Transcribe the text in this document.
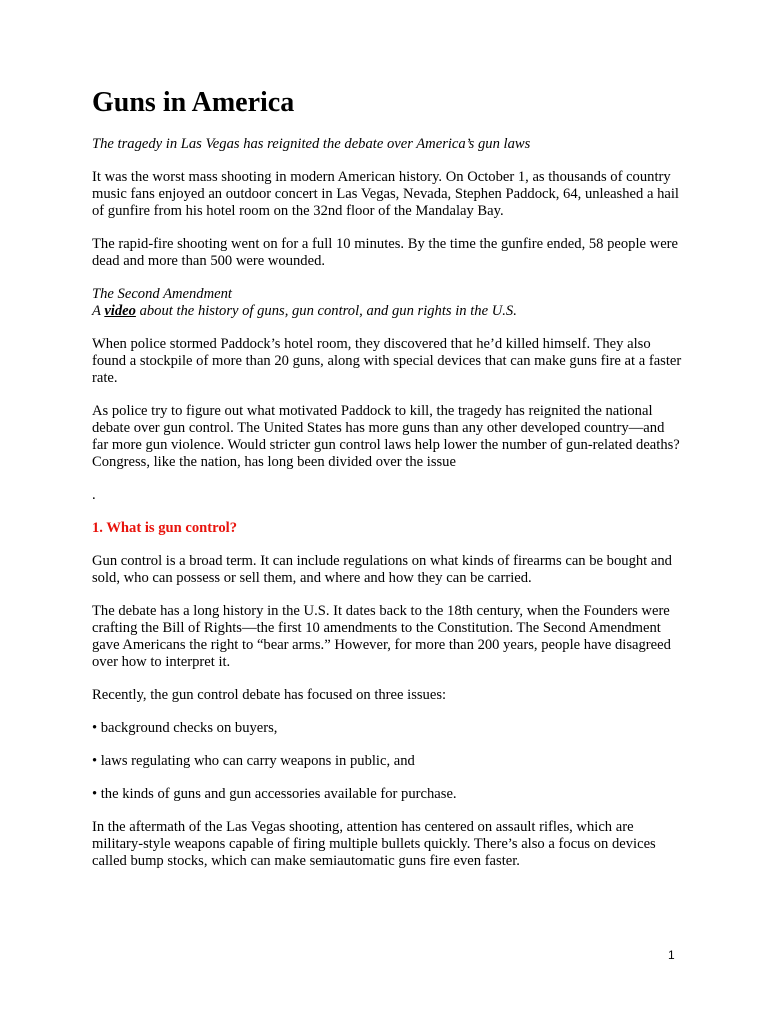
Guns in America

The tragedy in Las Vegas has reignited the debate over America’s gun laws

It was the worst mass shooting in modern American history. On October 1, as thousands of country music fans enjoyed an outdoor concert in Las Vegas, Nevada, Stephen Paddock, 64, unleashed a hail of gunfire from his hotel room on the 32nd floor of the Mandalay Bay.

The rapid-fire shooting went on for a full 10 minutes. By the time the gunfire ended, 58 people were dead and more than 500 were wounded.

The Second Amendment

A video about the history of guns, gun control, and gun rights in the U.S.

When police stormed Paddock’s hotel room, they discovered that he’d killed himself. They also found a stockpile of more than 20 guns, along with special devices that can make guns fire at a faster rate.

As police try to figure out what motivated Paddock to kill, the tragedy has reignited the national debate over gun control. The United States has more guns than any other developed country—and far more gun violence. Would stricter gun control laws help lower the number of gun-related deaths? Congress, like the nation, has long been divided over the issue

.

1. What is gun control?

Gun control is a broad term. It can include regulations on what kinds of firearms can be bought and sold, who can possess or sell them, and where and how they can be carried.

The debate has a long history in the U.S. It dates back to the 18th century, when the Founders were crafting the Bill of Rights—the first 10 amendments to the Constitution. The Second Amendment gave Americans the right to “bear arms.” However, for more than 200 years, people have disagreed over how to interpret it.

Recently, the gun control debate has focused on three issues:

• background checks on buyers,

• laws regulating who can carry weapons in public, and

• the kinds of guns and gun accessories available for purchase.

In the aftermath of the Las Vegas shooting, attention has centered on assault rifles, which are military-style weapons capable of firing multiple bullets quickly. There’s also a focus on devices called bump stocks, which can make semiautomatic guns fire even faster.

1
